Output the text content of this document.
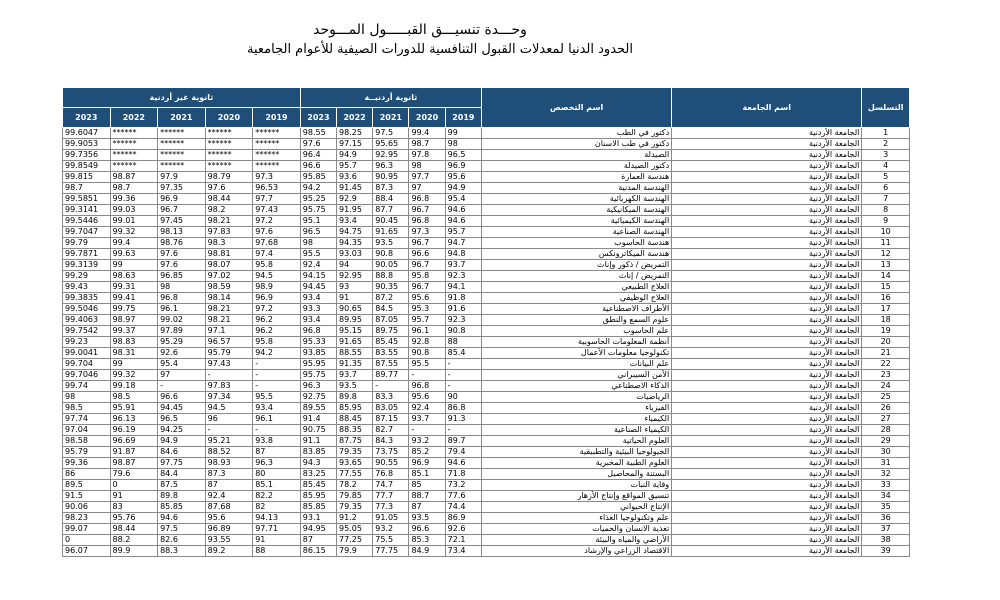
وحـــدة تنسيـــق القبـــــول المـــوحد
الحدود الدنيا لمعدلات القبول التنافسية للدورات الصيفية للأعوام الجامعية
ثانوية غير أردنية					ثانوية أردنيــة					اسم التخصص	اسم الجامعة	التسلسل
2023	2022	2021	2020	2019	2023	2022	2021	2020	2019			
99.6047	******	******	******	******	98.55	98.25	97.5	99.4	99	دكتور في الطب	الجامعة الأردنية	1
99.9053	******	******	******	******	97.6	97.15	95.65	98.7	98	دكتور في طب الاسنان	الجامعة الأردنية	2
99.7356	******	******	******	******	96.4	94.9	92.95	97.8	96.5	الصيدلة	الجامعة الأردنية	3
99.8549	******	******	******	******	96.6	95.7	96.3	98	96.9	دكتور الصيدلة	الجامعة الأردنية	4
99.815	98.87	97.9	98.79	97.3	95.85	93.6	90.95	97.7	95.6	هندسة العمارة	الجامعة الأردنية	5
98.7	98.7	97.35	97.6	96.53	94.2	91.45	87.3	97	94.9	الهندسة المدنية	الجامعة الأردنية	6
99.5851	99.36	96.9	98.44	97.7	95.25	92.9	88.4	96.8	95.4	الهندسة الكهربائية	الجامعة الأردنية	7
99.3141	99.03	96.7	98.2	97.43	95.75	91.95	87.7	96.7	94.6	الهندسة الميكانيكية	الجامعة الأردنية	8
99.5446	99.01	97.45	98.21	97.2	95.1	93.4	90.45	96.8	94.6	الهندسة الكيميائية	الجامعة الأردنية	9
99.7047	99.32	98.13	97.83	97.6	96.5	94.75	91.65	97.3	95.7	الهندسة الصناعية	الجامعة الأردنية	10
99.79	99.4	98.76	98.3	97.68	98	94.35	93.5	96.7	94.7	هندسة الحاسوب	الجامعة الأردنية	11
99.7871	99.63	97.6	98.81	97.4	95.5	93.03	90.8	96.6	94.8	هندسة الميكاترونكس	الجامعة الأردنية	12
99.3139	99	97.6	98.07	95.8	92.4	94	90.05	96.7	93.7	التمريض / ذكور وإناث	الجامعة الأردنية	13
99.29	98.63	96.85	97.02	94.5	94.15	92.95	88.8	95.8	92.3	التمريض / إناث	الجامعة الأردنية	14
99.43	99.31	98	98.59	98.9	94.45	93	90.35	96.7	94.1	العلاج الطبيعي	الجامعة الأردنية	15
99.3835	99.41	96.8	98.14	96.9	93.4	91	87.2	95.6	91.8	العلاج الوظيفي	الجامعة الأردنية	16
99.5046	99.75	96.1	98.21	97.2	93.3	90.65	84.5	95.3	91.6	الأطراف الاصطناعية	الجامعة الأردنية	17
99.4063	98.97	99.02	98.21	96.2	93.4	89.95	87.05	95.7	92.3	علوم السمع والنطق	الجامعة الأردنية	18
99.7542	99.37	97.89	97.1	96.2	96.8	95.15	89.75	96.1	90.8	علم الحاسوب	الجامعة الأردنية	19
99.23	98.83	95.29	96.57	95.8	95.33	91.65	85.45	92.8	88	أنظمة المعلومات الحاسوبية	الجامعة الأردنية	20
99.0041	98.31	92.6	95.79	94.2	93.85	88.55	83.55	90.8	85.4	تكنولوجيا معلومات الأعمال	الجامعة الأردنية	21
99.704	99	95.4	97.43	-	95.95	91.35	87.55	95.5	-	علم البيانات	الجامعة الأردنية	22
99.7046	99.32	97	-	-	95.75	93.7	89.77	-	-	الأمن السيبراني	الجامعة الأردنية	23
99.74	99.18	-	97.83	-	96.3	93.5	-	96.8	-	الذكاء الاصطناعي	الجامعة الأردنية	24
98	98.5	96.6	97.34	95.5	92.75	89.8	83.3	95.6	90	الرياضيات	الجامعة الأردنية	25
98.5	95.91	94.45	94.5	93.4	89.55	85.95	83.05	92.4	86.8	الفيزياء	الجامعة الأردنية	26
97.74	96.13	96.5	96	96.1	91.4	88.45	87.15	93.7	91.3	الكيمياء	الجامعة الأردنية	27
97.04	96.19	94.25	-	-	90.75	88.35	82.7	-	-	الكيمياء الصناعية	الجامعة الأردنية	28
98.58	96.69	94.9	95.21	93.8	91.1	87.75	84.3	93.2	89.7	العلوم الحياتية	الجامعة الأردنية	29
95.79	91.87	84.6	88.52	87	83.85	79.35	73.75	85.2	79.4	الجيولوجيا البيئية والتطبيقية	الجامعة الأردنية	30
99.36	98.87	97.75	98.93	96.3	94.3	93.65	90.55	96.9	94.6	العلوم الطبية المخبرية	الجامعة الأردنية	31
86	79.6	84.4	87.3	80	83.25	77.55	76.8	85.1	71.8	البستنة والمحاصيل	الجامعة الأردنية	32
89.5	0	87.5	87	85.1	85.45	78.2	74.7	85	73.2	وقاية النبات	الجامعة الأردنية	33
91.5	91	89.8	92.4	82.2	85.95	79.85	77.7	88.7	77.6	تنسيق المواقع وإنتاج الأزهار	الجامعة الأردنية	34
90.06	83	85.85	87.68	82	85.85	79.35	77.3	87	74.4	الإنتاج الحيواني	الجامعة الأردنية	35
98.23	95.76	94.6	95.6	94.13	93.1	91.2	91.05	93.5	86.9	علم وتكنولوجيا الغذاء	الجامعة الأردنية	36
99.07	98.44	97.5	96.89	97.71	94.95	95.05	93.2	96.6	92.6	تغذية الانسان والحميات	الجامعة الأردنية	37
0	88.2	82.6	93.55	91	87	77.25	75.5	85.3	72.1	الأراضي والمياه والبيئة	الجامعة الأردنية	38
96.07	89.9	88.3	89.2	88	86.15	79.9	77.75	84.9	73.4	الاقتصاد الزراعي والإرشاد	الجامعة الأردنية	39
